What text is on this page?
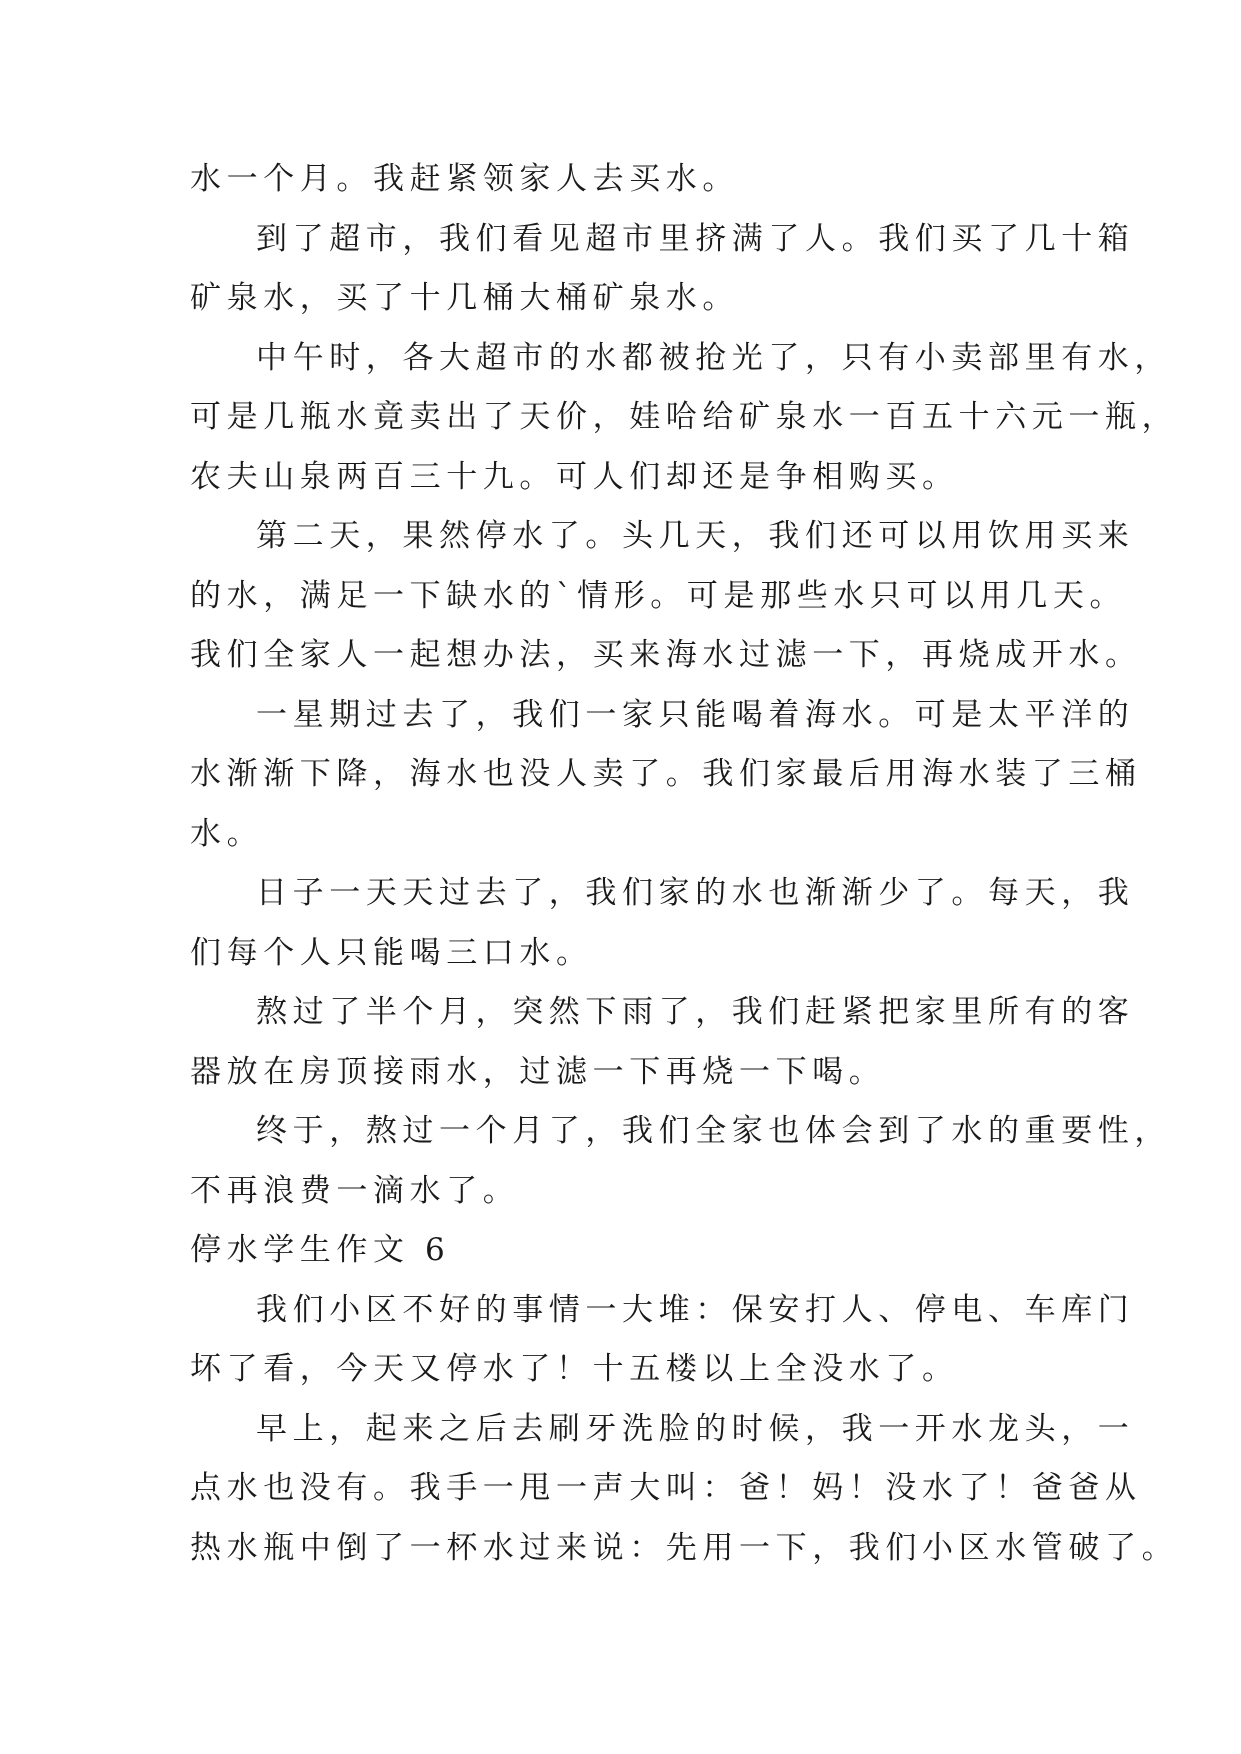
水一个月。我赶紧领家人去买水。
到了超市，我们看见超市里挤满了人。我们买了几十箱
矿泉水，买了十几桶大桶矿泉水。
中午时，各大超市的水都被抢光了，只有小卖部里有水，
可是几瓶水竟卖出了天价，娃哈给矿泉水一百五十六元一瓶，
农夫山泉两百三十九。可人们却还是争相购买。
第二天，果然停水了。头几天，我们还可以用饮用买来
的水，满足一下缺水的`情形。可是那些水只可以用几天。
我们全家人一起想办法，买来海水过滤一下，再烧成开水。
一星期过去了，我们一家只能喝着海水。可是太平洋的
水渐渐下降，海水也没人卖了。我们家最后用海水装了三桶
水。
日子一天天过去了，我们家的水也渐渐少了。每天，我
们每个人只能喝三口水。
熬过了半个月，突然下雨了，我们赶紧把家里所有的客
器放在房顶接雨水，过滤一下再烧一下喝。
终于，熬过一个月了，我们全家也体会到了水的重要性，
不再浪费一滴水了。
停水学生作文 6
我们小区不好的事情一大堆：保安打人、停电、车库门
坏了看，今天又停水了！十五楼以上全没水了。
早上，起来之后去刷牙洗脸的时候，我一开水龙头，一
点水也没有。我手一甩一声大叫：爸！妈！没水了！爸爸从
热水瓶中倒了一杯水过来说：先用一下，我们小区水管破了。
